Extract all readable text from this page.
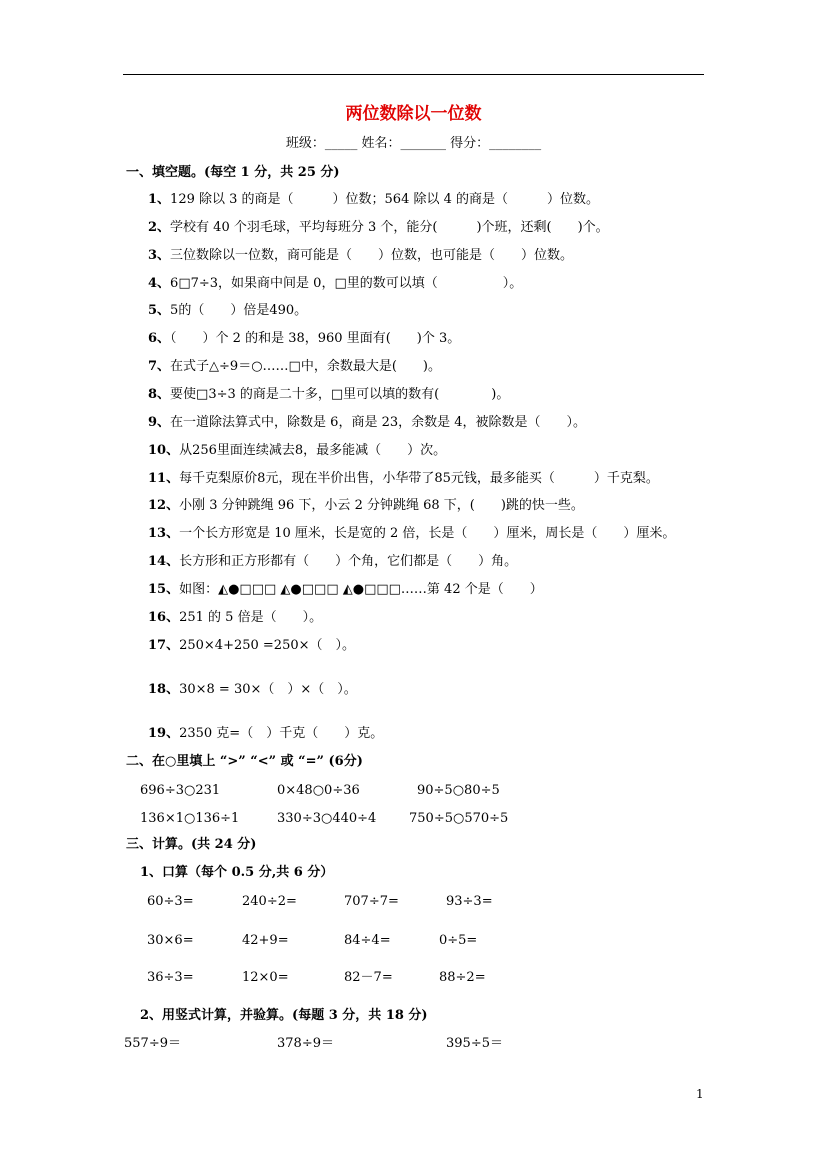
两位数除以一位数
班级：_____ 姓名：_______ 得分：________
一、填空题。(每空 1 分，共 25 分)
1、129 除以 3 的商是（　　　）位数；564 除以 4 的商是（　　　）位数。
2、学校有 40 个羽毛球，平均每班分 3 个，能分(　　　)个班，还剩(　　)个。
3、三位数除以一位数，商可能是（　　）位数，也可能是（　　）位数。
4、6□7÷3，如果商中间是 0，□里的数可以填（　　　　　）。
5、5的（　　）倍是490。
6、（　　）个 2 的和是 38，960 里面有(　　)个 3。
7、在式子△÷9＝○……□中，余数最大是(　　)。
8、要使□3÷3 的商是二十多，□里可以填的数有(　　　　)。
9、在一道除法算式中，除数是 6，商是 23，余数是 4，被除数是（　　）。
10、从256里面连续减去8，最多能减（　　）次。
11、每千克梨原价8元，现在半价出售，小华带了85元钱，最多能买（　　　）千克梨。
12、小刚 3 分钟跳绳 96 下，小云 2 分钟跳绳 68 下，(　　)跳的快一些。
13、一个长方形宽是 10 厘米，长是宽的 2 倍，长是（　　）厘米，周长是（　　）厘米。
14、长方形和正方形都有（　　）个角，它们都是（　　）角。
15、如图：◭●□□□ ◭●□□□ ◭●□□□……第 42 个是（　　）
16、251 的 5 倍是（　　）。
17、250×4+250 =250×（　）。
18、30×8 = 30×（　）×（　）。
19、2350 克=（　）千克（　　）克。
二、在○里填上 “>” “<” 或 “=” (6分)
696÷3○231	0×48○0÷36	90÷5○80÷5
136×1○136÷1	330÷3○440÷4	750÷5○570÷5
三、计算。(共 24 分)
1、口算（每个 0.5 分,共 6 分）
60÷3=	240÷2=	707÷7=	93÷3=
30×6=	42+9=	84÷4=	0÷5=
36÷3=	12×0=	82－7=	88÷2=
2、用竖式计算，并验算。(每题 3 分，共 18 分)
557÷9＝	378÷9＝	395÷5＝
1
